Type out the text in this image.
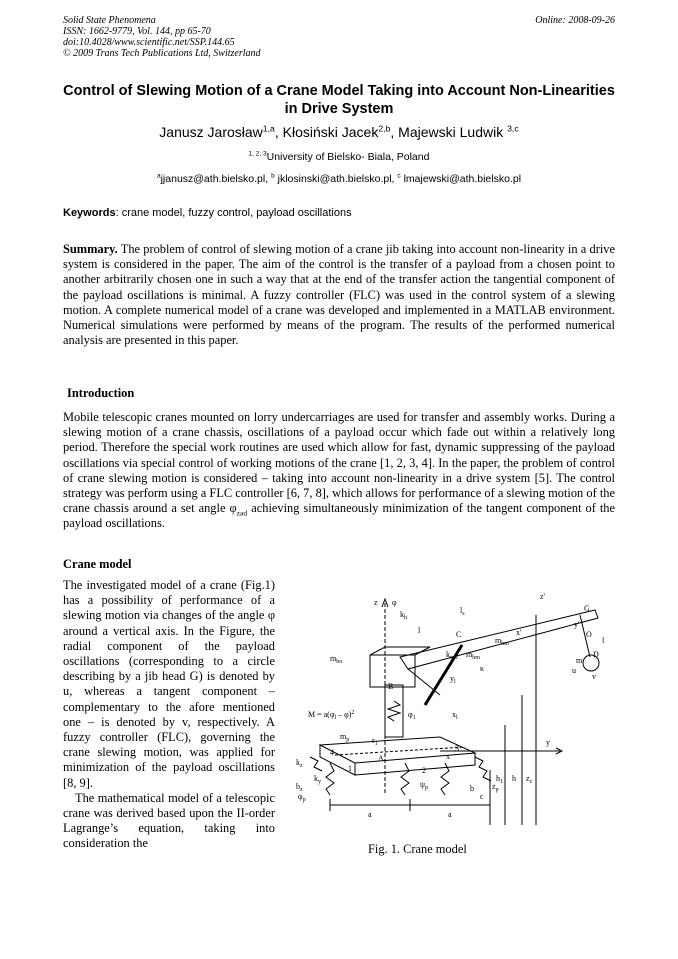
Solid State Phenomena
ISSN: 1662-9779, Vol. 144, pp 65-70
doi:10.4028/www.scientific.net/SSP.144.65
© 2009 Trans Tech Publications Ltd, Switzerland
Online: 2008-09-26
Control of Slewing Motion of a Crane Model Taking into Account Non-Linearities in Drive System
Janusz Jarosław$^{1,a}$, Kłosiński Jacek$^{2,b}$, Majewski Ludwik $^{3,c}$
$^{1, 2, 3}$University of Bielsko- Biala, Poland
$^a$jjanusz@ath.bielsko.pl, $^b$ jklosinski@ath.bielsko.pl, $^c$ lmajewski@ath.bielsko.pl
Keywords: crane model, fuzzy control, payload oscillations
Summary. The problem of control of slewing motion of a crane jib taking into account non-linearity in a drive system is considered in the paper. The aim of the control is the transfer of a payload from a chosen point to another arbitrarily chosen one in such a way that at the end of the transfer action the tangential component of the payload oscillations is minimal. A fuzzy controller (FLC) was used in the control system of a slewing motion. A complete numerical model of a crane was developed and implemented in a MATLAB environment. Numerical simulations were performed by means of the program. The results of the performed numerical analysis are presented in this paper.
Introduction
Mobile telescopic cranes mounted on lorry undercarriages are used for transfer and assembly works. During a slewing motion of a crane chassis, oscillations of a payload occur which fade out within a relatively long period. Therefore the special work routines are used which allow for fast, dynamic suppressing of the payload oscillations via special control of working motions of the crane [1, 2, 3, 4]. In the paper, the problem of control of crane slewing motion is considered – taking into account non-linearity in a drive system [5]. The control strategy was perform using a FLC controller [6, 7, 8], which allows for performance of a slewing motion of the crane chassis around a set angle $\varphi_{zad}$ achieving simultaneously minimization of the tangent component of the payload oscillations.
Crane model
The investigated model of a crane (Fig.1) has a possibility of performance of a slewing motion via changes of the angle φ around a vertical axis. In the Figure, the radial component of the payload oscillations (corresponding to a circle describing by a jib head G) is denoted by u, whereas a tangent component – complementary to the afore mentioned one – is denoted by v, respectively. A fuzzy controller (FLC), governing the crane slewing motion, was applied for minimization of the payload oscillations [8, 9].
The mathematical model of a telescopic crane was derived based upon the II-order Lagrange’s equation, taking into consideration the
z φ
z'
G
$l_s$
l	C
y'
x'
$k_h$
$m_{bo}$
$m_{bm}$
$m_{bm}$
B
$y_l$
κ
$k_{sp1}$
l
D
m
u
v
O
$M = a(\varphi_l - \varphi)^2$	$\varphi_1$	$x_l$
$m_p$	$r_1$	3
4
1	2
A
y
x
$k_z$
$b_z$
$k_y$
$\varphi_p$
$\psi_p$	$z_p$
$h_1$ h $z_c$
b
c
a	a
Fig. 1. Crane model
